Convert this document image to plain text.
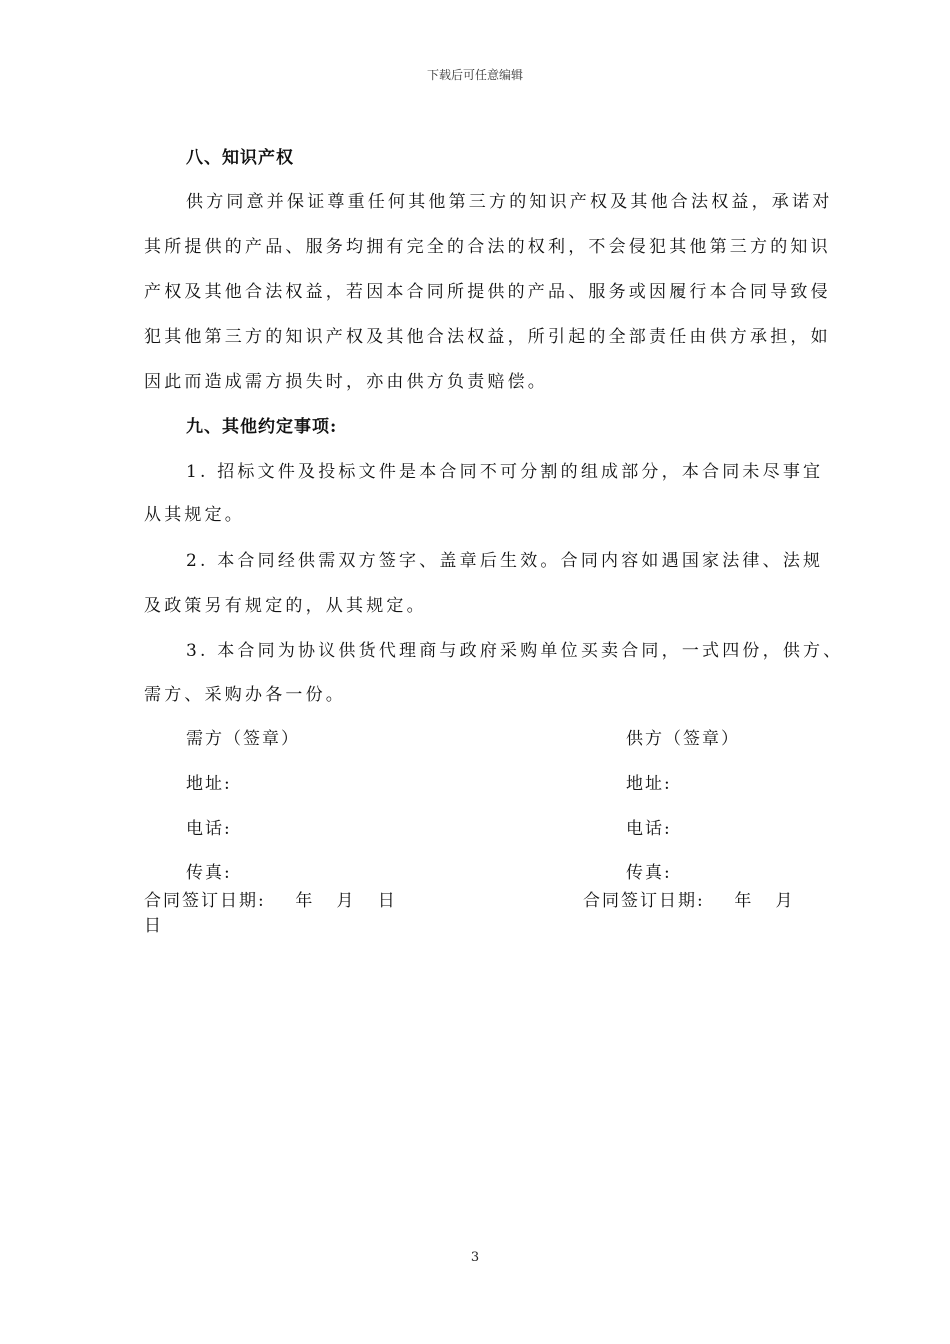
下载后可任意编辑
八、知识产权
供方同意并保证尊重任何其他第三方的知识产权及其他合法权益，承诺对
其所提供的产品、服务均拥有完全的合法的权利，不会侵犯其他第三方的知识
产权及其他合法权益，若因本合同所提供的产品、服务或因履行本合同导致侵
犯其他第三方的知识产权及其他合法权益，所引起的全部责任由供方承担，如
因此而造成需方损失时，亦由供方负责赔偿。
九、其他约定事项:
1. 招标文件及投标文件是本合同不可分割的组成部分，本合同未尽事宜
从其规定。
2. 本合同经供需双方签字、盖章后生效。合同内容如遇国家法律、法规
及政策另有规定的，从其规定。
3. 本合同为协议供货代理商与政府采购单位买卖合同，一式四份，供方、
需方、采购办各一份。
需方（签章）	供方（签章）
地址:	地址:
电话:	电话:
传真:	传真:
合同签订日期:    年   月   日	合同签订日期:    年   月
日
3
